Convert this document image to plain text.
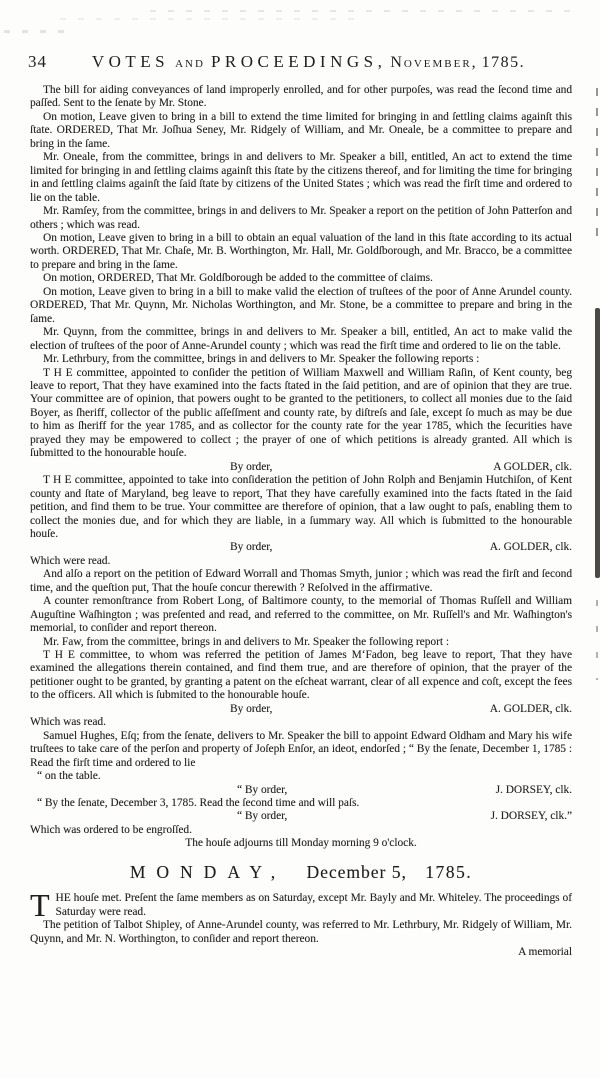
34	VOTES AND PROCEEDINGS, November, 1785.

The bill for aiding conveyances of land improperly enrolled, and for other purpoſes, was read the ſecond time and paſſed. Sent to the ſenate by Mr. Stone.

On motion, Leave given to bring in a bill to extend the time limited for bringing in and ſettling claims againſt this ſtate. ORDERED, That Mr. Joſhua Seney, Mr. Ridgely of William, and Mr. Oneale, be a committee to prepare and bring in the ſame.

Mr. Oneale, from the committee, brings in and delivers to Mr. Speaker a bill, entitled, An act to extend the time limited for bringing in and ſettling claims againſt this ſtate by the citizens thereof, and for limiting the time for bringing in and ſettling claims againſt the ſaid ſtate by citizens of the United States ; which was read the firſt time and ordered to lie on the table.

Mr. Ramſey, from the committee, brings in and delivers to Mr. Speaker a report on the petition of John Patterſon and others ; which was read.

On motion, Leave given to bring in a bill to obtain an equal valuation of the land in this ſtate according to its actual worth. ORDERED, That Mr. Chaſe, Mr. B. Worthington, Mr. Hall, Mr. Goldſborough, and Mr. Bracco, be a committee to prepare and bring in the ſame.

On motion, ORDERED, That Mr. Goldſborough be added to the committee of claims.

On motion, Leave given to bring in a bill to make valid the election of truſtees of the poor of Anne Arundel county. ORDERED, That Mr. Quynn, Mr. Nicholas Worthington, and Mr. Stone, be a committee to prepare and bring in the ſame.

Mr. Quynn, from the committee, brings in and delivers to Mr. Speaker a bill, entitled, An act to make valid the election of truſtees of the poor of Anne-Arundel county ; which was read the firſt time and ordered to lie on the table.

Mr. Lethrbury, from the committee, brings in and delivers to Mr. Speaker the following reports :

T H E committee, appointed to conſider the petition of William Maxwell and William Raſin, of Kent county, beg leave to report, That they have examined into the facts ſtated in the ſaid petition, and are of opinion that they are true. Your committee are of opinion, that powers ought to be granted to the petitioners, to collect all monies due to the ſaid Boyer, as ſheriff, collector of the public aſſeſſment and county rate, by diſtreſs and ſale, except ſo much as may be due to him as ſheriff for the year 1785, and as collector for the county rate for the year 1785, which the ſecurities have prayed they may be empowered to collect ; the prayer of one of which petitions is already granted. All which is ſubmitted to the honourable houſe.

By order,	A GOLDER, clk.

T H E committee, appointed to take into conſideration the petition of John Rolph and Benjamin Hutchiſon, of Kent county and ſtate of Maryland, beg leave to report, That they have carefully examined into the facts ſtated in the ſaid petition, and find them to be true. Your committee are therefore of opinion, that a law ought to paſs, enabling them to collect the monies due, and for which they are liable, in a ſummary way. All which is ſubmitted to the honourable houſe.

By order,	A. GOLDER, clk.

Which were read.

And alſo a report on the petition of Edward Worrall and Thomas Smyth, junior ; which was read the firſt and ſecond time, and the queſtion put, That the houſe concur therewith ? Reſolved in the affirmative.

A counter remonſtrance from Robert Long, of Baltimore county, to the memorial of Thomas Ruſſell and William Auguſtine Waſhington ; was preſented and read, and referred to the committee, on Mr. Ruſſell's and Mr. Waſhington's memorial, to conſider and report thereon.

Mr. Faw, from the committee, brings in and delivers to Mr. Speaker the following report :

T H E committee, to whom was referred the petition of James M‘Fadon, beg leave to report, That they have examined the allegations therein contained, and find them true, and are therefore of opinion, that the prayer of the petitioner ought to be granted, by granting a patent on the eſcheat warrant, clear of all expence and coſt, except the fees to the officers. All which is ſubmited to the honourable houſe.

By order,	A. GOLDER, clk.

Which was read.

Samuel Hughes, Eſq; from the ſenate, delivers to Mr. Speaker the bill to appoint Edward Oldham and Mary his wife truſtees to take care of the perſon and property of Joſeph Enſor, an ideot, endorſed ; “ By the ſenate, December 1, 1785 : Read the firſt time and ordered to lie

“ on the table.

“ By order,	J. DORSEY, clk.

“ By the ſenate, December 3, 1785. Read the ſecond time and will paſs.

“ By order,	J. DORSEY, clk.”

Which was ordered to be engroſſed.

The houſe adjourns till Monday morning 9 o'clock.

MONDAY, December 5, 1785.

THE houſe met. Preſent the ſame members as on Saturday, except Mr. Bayly and Mr. Whiteley. The proceedings of Saturday were read.

The petition of Talbot Shipley, of Anne-Arundel county, was referred to Mr. Lethrbury, Mr. Ridgely of William, Mr. Quynn, and Mr. N. Worthington, to conſider and report thereon.

A memorial
